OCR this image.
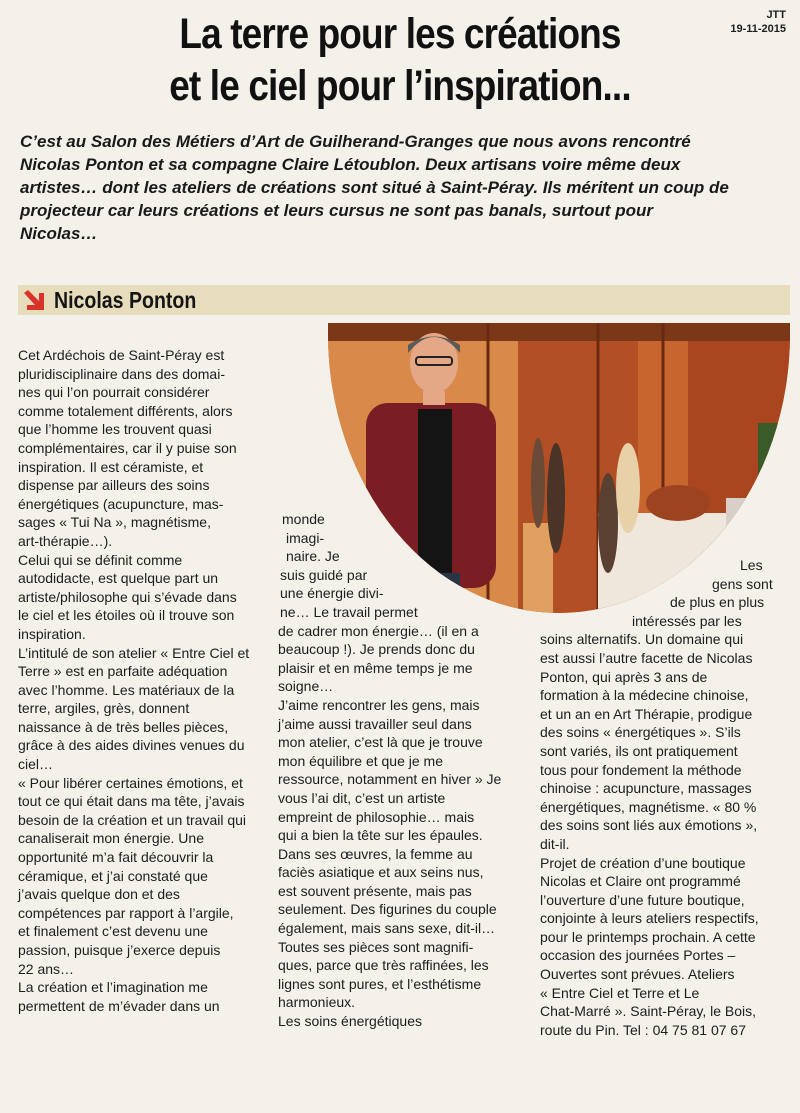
JTT
19-11-2015
La terre pour les créations
et le ciel pour l’inspiration...
C’est au Salon des Métiers d’Art de Guilherand-Granges que nous avons rencontré
Nicolas Ponton et sa compagne Claire Létoublon. Deux artisans voire même deux
artistes… dont les ateliers de créations sont situé à Saint-Péray. Ils méritent un coup de
projecteur car leurs créations et leurs cursus ne sont pas banals, surtout pour
Nicolas…
Nicolas Ponton

Cet Ardéchois de Saint-Péray est

pluridisciplinaire dans des domai-

nes qui l’on pourrait considérer

comme totalement différents, alors

que l’homme les trouvent quasi

complémentaires, car il y puise son

inspiration. Il est céramiste, et

dispense par ailleurs des soins

énergétiques (acupuncture, mas-

sages « Tui Na », magnétisme,

art-thérapie…).

Celui qui se définit comme

autodidacte, est quelque part un

artiste/philosophe qui s’évade dans

le ciel et les étoiles où il trouve son

inspiration.

L’intitulé de son atelier « Entre Ciel et

Terre » est en parfaite adéquation

avec l’homme. Les matériaux de la

terre, argiles, grès, donnent

naissance à de très belles pièces,

grâce à des aides divines venues du

ciel…

« Pour libérer certaines émotions, et

tout ce qui était dans ma tête, j’avais

besoin de la création et un travail qui

canaliserait mon énergie. Une

opportunité m’a fait découvrir la

céramique, et j’ai constaté que

j’avais quelque don et des

compétences par rapport à l’argile,

et finalement c’est devenu une

passion, puisque j’exerce depuis

22 ans…

La création et l’imagination me

permettent de m’évader dans un

monde

imagi-

naire. Je

suis guidé par

une énergie divi-

ne… Le travail permet

de cadrer mon énergie… (il en a

beaucoup !). Je prends donc du

plaisir et en même temps je me

soigne…

J’aime rencontrer les gens, mais

j’aime aussi travailler seul dans

mon atelier, c’est là que je trouve

mon équilibre et que je me

ressource, notamment en hiver » Je

vous l’ai dit, c’est un artiste

empreint de philosophie… mais

qui a bien la tête sur les épaules.

Dans ses œuvres, la femme au

faciès asiatique et aux seins nus,

est souvent présente, mais pas

seulement. Des figurines du couple

également, mais sans sexe, dit-il…

Toutes ses pièces sont magnifi-

ques, parce que très raffinées, les

lignes sont pures, et l’esthétisme

harmonieux.

Les soins énergétiques

Les

gens sont

de plus en plus

intéressés par les

soins alternatifs. Un domaine qui

est aussi l’autre facette de Nicolas

Ponton, qui après 3 ans de

formation à la médecine chinoise,

et un an en Art Thérapie, prodigue

des soins « énergétiques ». S’ils

sont variés, ils ont pratiquement

tous pour fondement la méthode

chinoise : acupuncture, massages

énergétiques, magnétisme. « 80 %

des soins sont liés aux émotions »,

dit-il.

Projet de création d’une boutique

Nicolas et Claire ont programmé

l’ouverture d’une future boutique,

conjointe à leurs ateliers respectifs,

pour le printemps prochain. A cette

occasion des journées Portes –

Ouvertes sont prévues. Ateliers

« Entre Ciel et Terre et Le

Chat-Marré ». Saint-Péray, le Bois,

route du Pin. Tel : 04 75 81 07 67
